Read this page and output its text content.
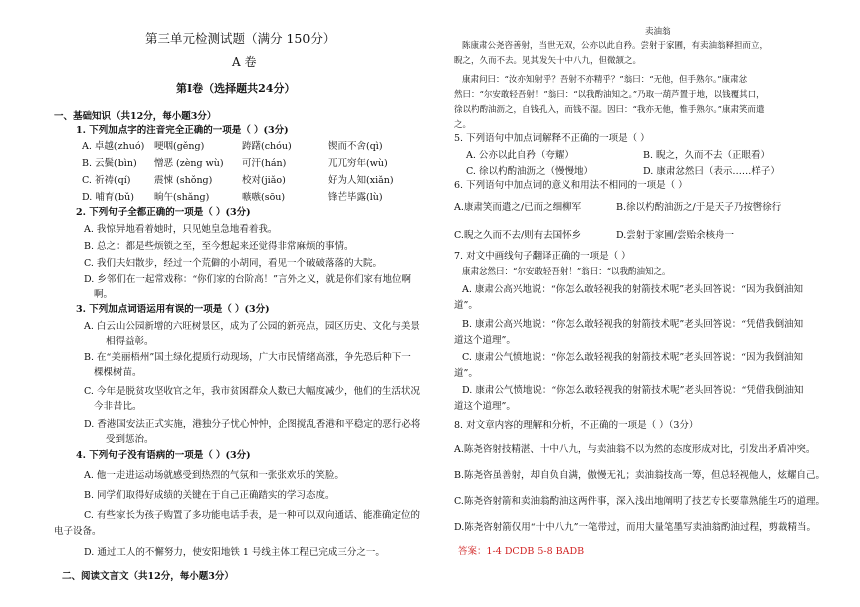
第三单元检测试题（满分 150分）
A 卷
第Ⅰ卷（选择题共24分）
一、基础知识（共12分，每小题3分）
1. 下列加点字的注音完全正确的一项是（ ）(3分)
A. 卓越(zhuó) 哽咽(gěng)	踌躇(chóu)	锲而不舍(qì)
B. 云鬓(bìn) 憎恶 (zèng wù) 可汗(hán)	兀兀穷年(wù)
C. 祈祷(qí) 震悚 (shǒng)	校对(jiǎo)	好为人知(xiǎn)
D. 哺育(bǔ) 晌午(shǎng)	嗾嗾(sōu)	锋芒毕露(lù)
2. 下列句子全都正确的一项是（ ）(3分)
A. 我惊异地看着她时，只见她皇急地看着我。
B. 总之：都是些烦锁之至，至今想起来还觉得非常麻烦的事情。
C. 我们夫妇散步，经过一个荒僻的小胡同，看见一个破破落落的大院。
D. 乡邻们在一起常戏称：“你们家的台阶高！”言外之义，就是你们家有地位啊
啊。
3. 下列加点词语运用有误的一项是（ ）(3分)
A. 白云山公园新增的六旺树景区，成为了公园的新亮点，园区历史、文化与美景
相得益彰。
B. 在“美丽梧州”国土绿化提质行动现场，广大市民情绪高涨，争先恐后种下一
棵棵树苗。
C. 今年是脱贫攻坚收官之年，我市贫困群众人数已大幅度减少，他们的生活状况
今非昔比。
D. 香港国安法正式实施，港独分子忧心忡忡，企图搅乱香港和平稳定的恶行必将
受到惩治。
4. 下列句子没有语病的一项是（ ）(3分)
A. 他一走进运动场就感受到热烈的气氛和一张张欢乐的笑脸。
B. 同学们取得好成绩的关键在于自己正确踏实的学习态度。
C. 有些家长为孩子购置了多功能电话手表，是一种可以双向通话、能准确定位的
电子设备。
D. 通过工人的不懈努力，使安阳地铁 1 号线主体工程已完成三分之一。
二、阅读文言文（共12分，每小题3分）
卖油翁
陈康肃公尧咨善射，当世无双，公亦以此自矜。尝射于家圃，有卖油翁释担而立，
睨之，久而不去。见其发矢十中八九，但微颔之。
康肃问曰：“汝亦知射乎？吾射不亦精乎？”翁曰：“无他，但手熟尔。”康肃忿
然曰：“尔安敢轻吾射！”翁曰：“以我酌油知之。”乃取一葫芦置于地，以钱覆其口，
徐以杓酌油沥之，自钱孔入，而钱不湿。因曰：“我亦无他，惟手熟尔。”康肃笑而遣
之。
5. 下列语句中加点词解释不正确的一项是（ ）
A. 公亦以此自矜（夸耀）	B. 睨之，久而不去（正眼看）
C. 徐以杓酌油沥之（慢慢地）	D. 康肃忿然曰（表示……样子）
6. 下列语句中加点词的意义和用法不相同的一项是（ ）
A.康肃笑而遣之/已而之细柳军	B.徐以杓酌油沥之/于是天子乃按辔徐行
C.睨之久而不去/则有去国怀乡	D.尝射于家圃/尝贻余核舟一
7. 对文中画线句子翻译正确的一项是（ ）
康肃忿然曰：“尔安敢轻吾射！”翁曰：“以我酌油知之。
A. 康肃公高兴地说：“你怎么敢轻视我的射箭技术呢”老头回答说：“因为我倒油知
道”。
B. 康肃公高兴地说：“你怎么敢轻视我的射箭技术呢”老头回答说：“凭借我倒油知
道这个道理”。
C. 康肃公气愤地说：“你怎么敢轻视我的射箭技术呢”老头回答说：“因为我倒油知
道”。
D. 康肃公气愤地说：“你怎么敢轻视我的射箭技术呢”老头回答说：“凭借我倒油知
道这个道理”。
8. 对文章内容的理解和分析，不正确的一项是（ ）（3分）
A.陈尧咨射技精湛、十中八九，与卖油翁不以为然的态度形成对比，引发出矛盾冲突。
B.陈尧咨虽善射，却自负自满，傲慢无礼；卖油翁技高一筹，但总轻视他人，炫耀自己。
C.陈尧咨射箭和卖油翁酌油这两件事，深入浅出地阐明了技艺专长要靠熟能生巧的道理。
D.陈尧咨射箭仅用“十中八九”一笔带过，而用大量笔墨写卖油翁酌油过程，剪裁精当。
答案：1-4 DCDB 5-8 BADB
